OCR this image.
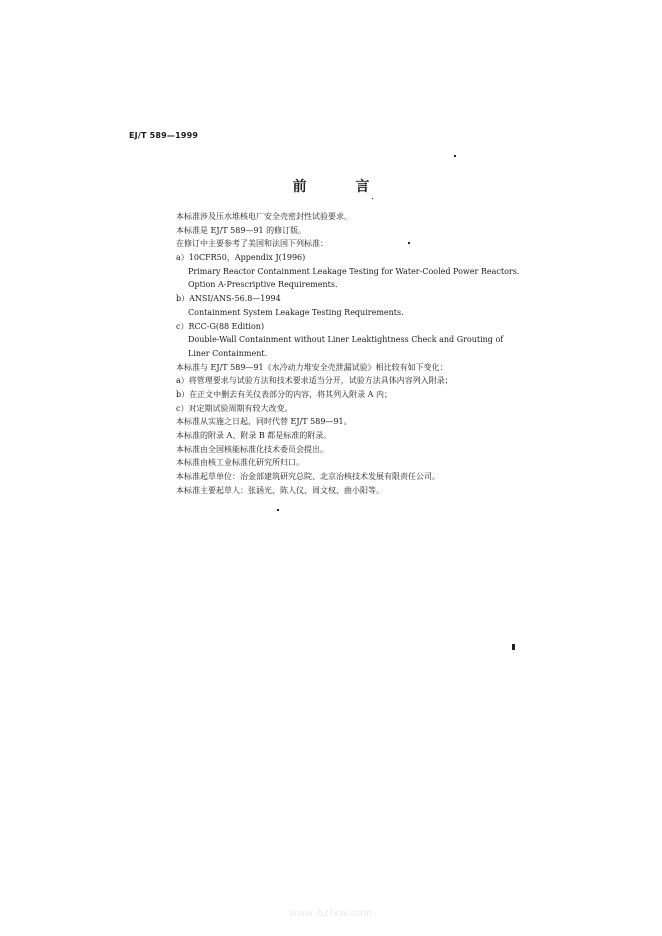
EJ/T 589—1999
前 言
本标准涉及压水堆核电厂安全壳密封性试验要求。
本标准是 EJ/T 589—91 的修订版。
在修订中主要参考了美国和法国下列标准：
a）10CFR50，Appendix J(1996)
Primary Reactor Containment Leakage Testing for Water-Cooled Power Reactors.
Option A-Prescriptive Requirements.
b）ANSI/ANS-56.8—1994
Containment System Leakage Testing Requirements.
c）RCC-G(88 Edition)
Double-Wall Containment without Liner Leaktightness Check and Grouting of
Liner Containment.
本标准与 EJ/T 589—91《水冷动力堆安全壳泄漏试验》相比较有如下变化：
a）将管理要求与试验方法和技术要求适当分开，试验方法具体内容列入附录；
b）在正文中删去有关仪表部分的内容，将其列入附录 A 内；
c）对定期试验周期有较大改变。
本标准从实施之日起，同时代替 EJ/T 589—91。
本标准的附录 A、附录 B 都是标准的附录。
本标准由全国核能标准化技术委员会提出。
本标准由核工业标准化研究所归口。
本标准起草单位：冶金部建筑研究总院、北京冶核技术发展有限责任公司。
本标准主要起草人：张涵光、陈人仪、周文权、曲小阳等。
www.bzfxw.com
